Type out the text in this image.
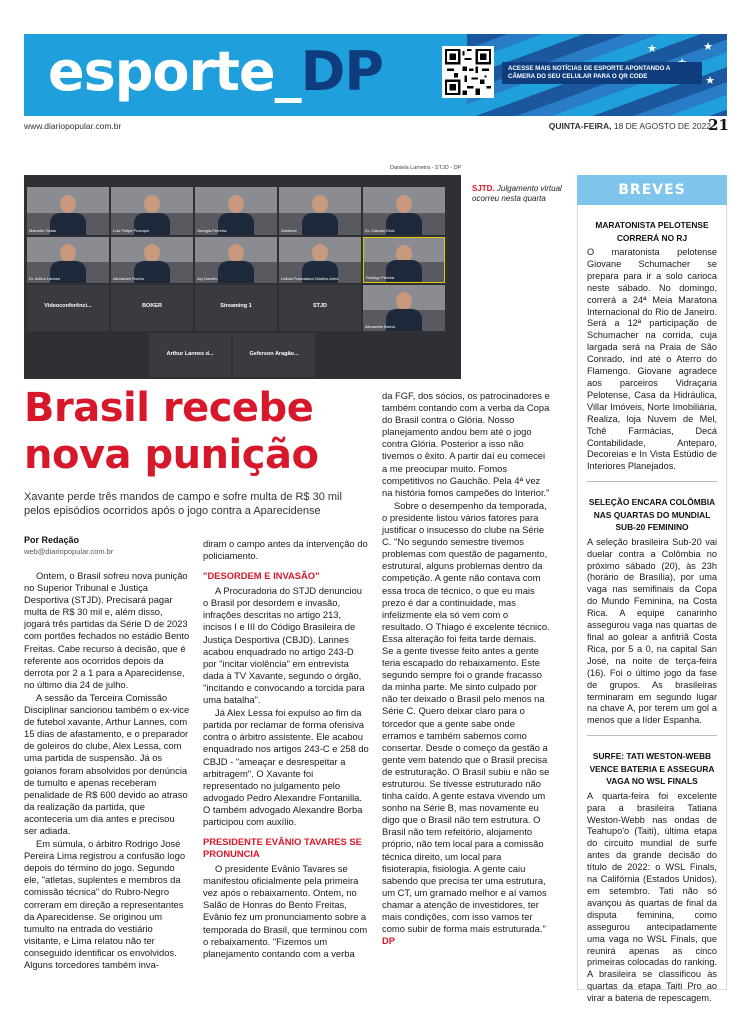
★
★
★
esporte_DP	ACESSE MAIS NOTÍCIAS DE ESPORTE APONTANDO A CÂMERA DO SEU CELULAR PARA O QR CODE
www.diariopopular.com.br	QUINTA-FEIRA, 18 DE AGOSTO DE 2022
21
Daniela Lameira - STJD - DP
Marcello Vistas	Luiz Felipe Procopio	Georgia Ferreira	Zamboni	Dr. Claudio Diniz
Dr. Arthur Lannes	Alexandre Rocha	Ary Davello	Leticia Francalacci Martins Aires	Rodrigo Pereira
Videoconferênci...	BOKER	Streaming 1	STJD
Alexandre Borba
Arthur Lannes d...	Geferson Aragão...
SJTD. Julgamento virtual ocorreu nesta quarta
Brasil recebe
nova punição
Xavante perde três mandos de campo e sofre multa de R$ 30 mil pelos episódios ocorridos após o jogo contra a Aparecidense
Por Redação
web@diariopopular.com.br

Ontem, o Brasil sofreu nova punição no Superior Tribunal e Justiça Desportiva (STJD). Precisará pagar multa de R$ 30 mil e, além disso, jogará três partidas da Série D de 2023 com portões fechados no estádio Bento Freitas. Cabe recurso à decisão, que é referente aos ocorridos depois da derrota por 2 a 1 para a Aparecidense, no último dia 24 de julho.

A sessão da Terceira Comissão Disciplinar sancionou também o ex-vice de futebol xavante, Arthur Lannes, com 15 dias de afastamento, e o preparador de goleiros do clube, Alex Lessa, com uma partida de suspensão. Já os goianos foram absolvidos por denúncia de tumulto e apenas receberam penalidade de R$ 600 devido ao atraso da realização da partida, que aconteceria um dia antes e precisou ser adiada.

Em súmula, o árbitro Rodrigo José Pereira Lima registrou a confusão logo depois do término do jogo. Segundo ele, "atletas, suplentes e membros da comissão técnica" do Rubro-Negro correram em direção a representantes da Aparecidense. Se originou um tumulto na entrada do vestiário visitante, e Lima relatou não ter conseguido identificar os envolvidos. Alguns torcedores também inva-

diram o campo antes da intervenção do policiamento.

"DESORDEM E INVASÃO"

A Procuradoria do STJD denunciou o Brasil por desordem e invasão, infrações descritas no artigo 213, incisos I e III do Código Brasileira de Justiça Desportiva (CBJD). Lannes acabou enquadrado no artigo 243-D por "incitar violência" em entrevista dada à TV Xavante, segundo o órgão, "incitando e convocando a torcida para uma batalha".

Já Alex Lessa foi expulso ao fim da partida por reclamar de forma ofensiva contra o árbitro assistente. Ele acabou enquadrado nos artigos 243-C e 258 do CBJD - "ameaçar e desrespeitar a arbitragem". O Xavante foi representado no julgamento pelo advogado Pedro Alexandre Fontanilla. O também advogado Alexandre Borba participou com auxílio.

PRESIDENTE EVÂNIO TAVARES SE PRONUNCIA

O presidente Evânio Tavares se manifestou oficialmente pela primeira vez após o rebaixamento. Ontem, no Salão de Honras do Bento Freitas, Evânio fez um pronunciamento sobre a temporada do Brasil, que terminou com o rebaixamento. "Fizemos um planejamento contando com a verba

da FGF, dos sócios, os patrocinadores e também contando com a verba da Copa do Brasil contra o Glória. Nosso planejamento andou bem até o jogo contra Glória. Posterior a isso não tivemos o êxito. A partir daí eu comecei a me preocupar muito. Fomos competitivos no Gauchão. Pela 4ª vez na história fomos campeões do Interior."

Sobre o desempenho da temporada, o presidente listou vários fatores para justificar o insucesso do clube na Série C. "No segundo semestre tivemos problemas com questão de pagamento, estrutural, alguns problemas dentro da competição. A gente não contava com essa troca de técnico, o que eu mais prezo é dar a continuidade, mas infelizmente ela só vem com o resultado. O Thiago é excelente técnico. Essa alteração foi feita tarde demais. Se a gente tivesse feito antes a gente teria escapado do rebaixamento. Este segundo sempre foi o grande fracasso da minha parte. Me sinto culpado por não ter deixado o Brasil pelo menos na Série C. Quero deixar claro para o torcedor que a gente sabe onde erramos e também sabemos como consertar. Desde o começo da gestão a gente vem batendo que o Brasil precisa de estruturação. O Brasil subiu e não se estruturou. Se tivesse estruturado não tinha caído. A gente estava vivendo um sonho na Série B, mas novamente eu digo que o Brasil não tem estrutura. O Brasil não tem refeitório, alojamento próprio, não tem local para a comissão técnica direito, um local para fisioterapia, fisiologia. A gente caiu sabendo que precisa ter uma estrutura, um CT, um gramado melhor e aí vamos chamar a atenção de investidores, ter mais condições, com isso vamos ter como subir de forma mais estruturada." DP

BREVES
MARATONISTA PELOTENSE CORRERÁ NO RJ

O maratonista pelotense Giovane Schumacher se prepara para ir a solo carioca neste sábado. No domingo, correrá a 24ª Meia Maratona Internacional do Rio de Janeiro. Será a 12ª participação de Schumacher na corrida, cuja largada será na Praia de São Conrado, ind até o Aterro do Flamengo. Giovane agradece aos parceiros Vidraçaria Pelotense, Casa da Hidráulica, Villar Imóveis, Norte Imobiliária, Realiza, loja Nuvem de Mel, Tchê Farmácias, Decá Contabilidade, Anteparo, Decoreias e In Vista Estúdio de Interiores Planejados.

SELEÇÃO ENCARA COLÔMBIA NAS QUARTAS DO MUNDIAL SUB-20 FEMININO

A seleção brasileira Sub-20 vai duelar contra a Colômbia no próximo sábado (20), às 23h (horário de Brasília), por uma vaga nas semifinais da Copa do Mundo Feminina, na Costa Rica. A equipe canarinho assegurou vaga nas quartas de final ao golear a anfitriã Costa Rica, por 5 a 0, na capital San José, na noite de terça-feira (16). Foi o último jogo da fase de grupos. As brasileiras terminaram em segundo lugar na chave A, por terem um gol a menos que a líder Espanha.

SURFE: TATI WESTON-WEBB VENCE BATERIA E ASSEGURA VAGA NO WSL FINALS

A quarta-feira foi excelente para a brasileira Tatiana Weston-Webb nas ondas de Teahupo'o (Taiti), última etapa do circuito mundial de surfe antes da grande decisão do título de 2022: o WSL Finals, na Califórnia (Estados Unidos), em setembro. Tati não só avançou às quartas de final da disputa feminina, como assegurou antecipadamente uma vaga no WSL Finals, que reunirá apenas as cinco primeiras colocadas do ranking. A brasileira se classificou às quartas da etapa Taiti Pro ao virar a bateria de repescagem.
